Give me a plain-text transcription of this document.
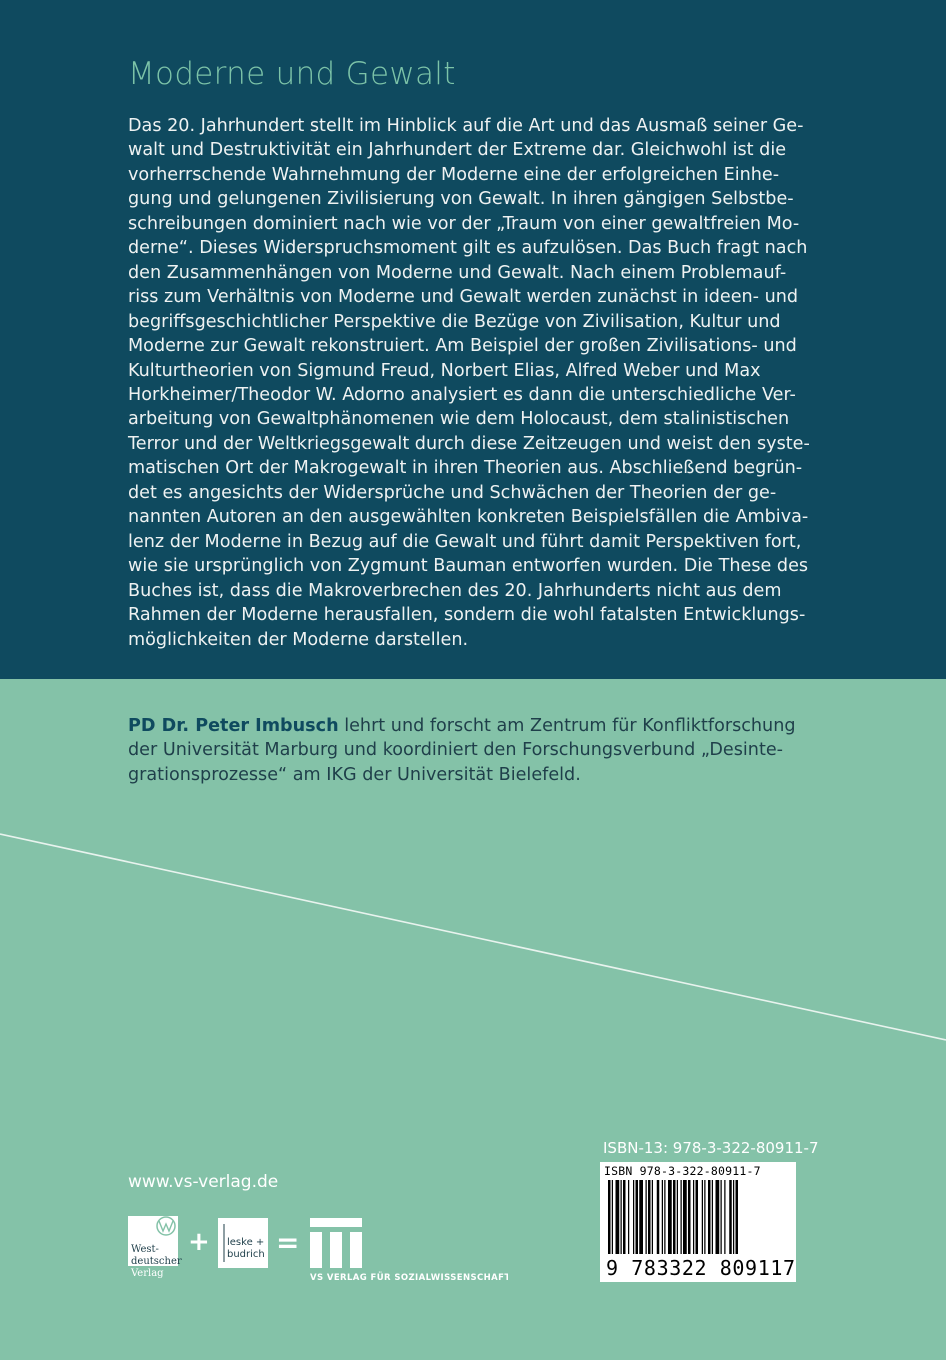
Moderne und Gewalt

Das 20. Jahrhundert stellt im Hinblick auf die Art und das Ausmaß seiner Ge-
walt und Destruktivität ein Jahrhundert der Extreme dar. Gleichwohl ist die
vorherrschende Wahrnehmung der Moderne eine der erfolgreichen Einhe-
gung und gelungenen Zivilisierung von Gewalt. In ihren gängigen Selbstbe-
schreibungen dominiert nach wie vor der „Traum von einer gewaltfreien Mo-
derne“. Dieses Widerspruchsmoment gilt es aufzulösen. Das Buch fragt nach
den Zusammenhängen von Moderne und Gewalt. Nach einem Problemauf-
riss zum Verhältnis von Moderne und Gewalt werden zunächst in ideen- und
begriffsgeschichtlicher Perspektive die Bezüge von Zivilisation, Kultur und
Moderne zur Gewalt rekonstruiert. Am Beispiel der großen Zivilisations- und
Kulturtheorien von Sigmund Freud, Norbert Elias, Alfred Weber und Max
Horkheimer/Theodor W. Adorno analysiert es dann die unterschiedliche Ver-
arbeitung von Gewaltphänomenen wie dem Holocaust, dem stalinistischen
Terror und der Weltkriegsgewalt durch diese Zeitzeugen und weist den syste-
matischen Ort der Makrogewalt in ihren Theorien aus. Abschließend begrün-
det es angesichts der Widersprüche und Schwächen der Theorien der ge-
nannten Autoren an den ausgewählten konkreten Beispielsfällen die Ambiva-
lenz der Moderne in Bezug auf die Gewalt und führt damit Perspektiven fort,
wie sie ursprünglich von Zygmunt Bauman entworfen wurden. Die These des
Buches ist, dass die Makroverbrechen des 20. Jahrhunderts nicht aus dem
Rahmen der Moderne herausfallen, sondern die wohl fatalsten Entwicklungs-
möglichkeiten der Moderne darstellen.

PD Dr. Peter Imbusch lehrt und forscht am Zentrum für Konfliktforschung
der Universität Marburg und koordiniert den Forschungsverbund „Desinte-
grationsprozesse“ am IKG der Universität Bielefeld.

www.vs-verlag.de
West-
deutscher
Verlag
+ leske +
budrich =
VS VERLAG FÜR SOZIALWISSENSCHAFTEN
ISBN-13: 978-3-322-80911-7
ISBN 978-3-322-80911-7
9 783322 809117
